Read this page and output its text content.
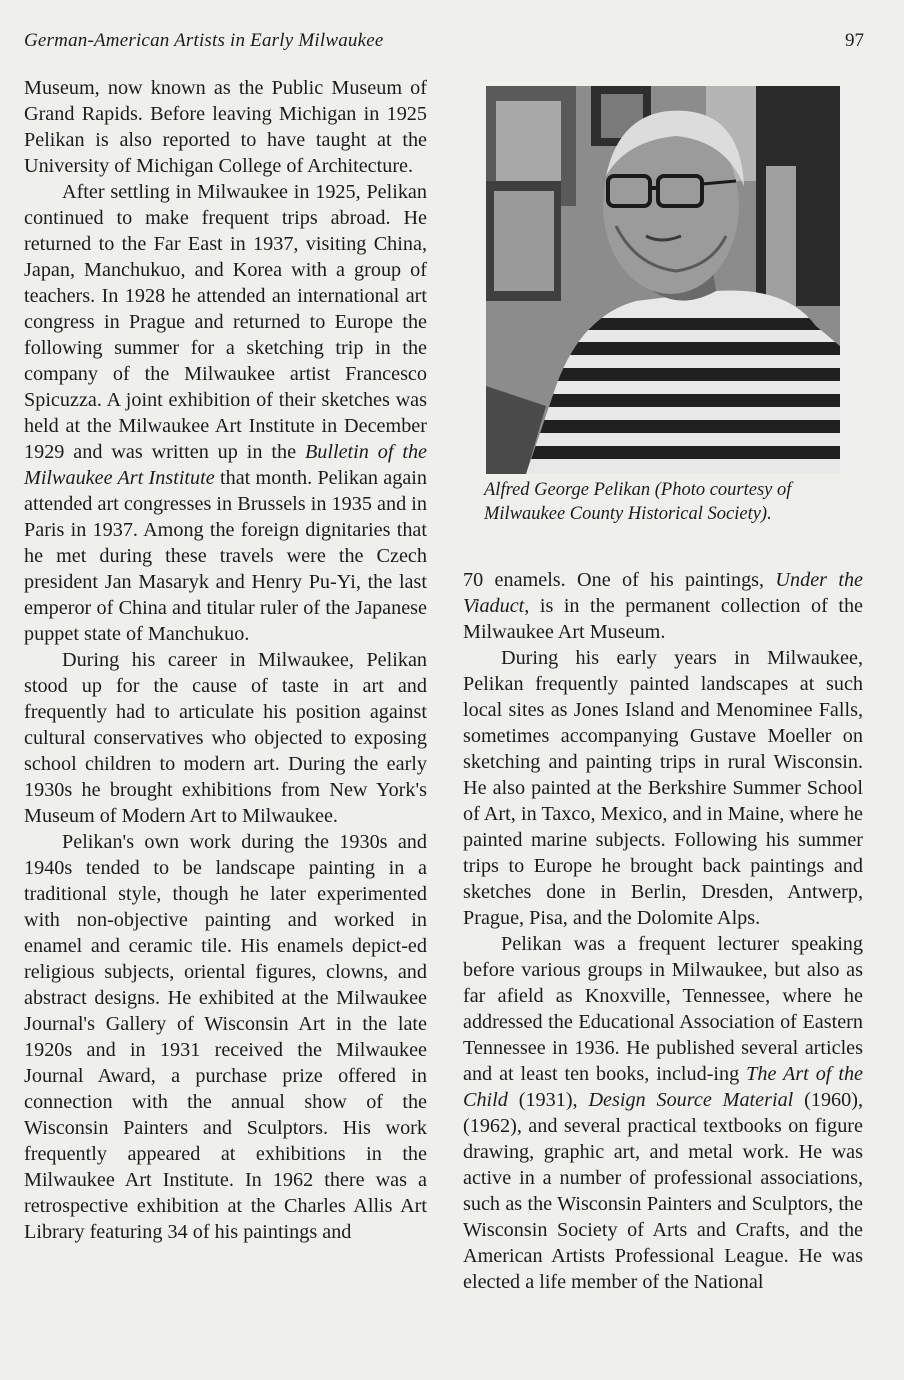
German-American Artists in Early Milwaukee	97

Museum, now known as the Public Museum of Grand Rapids. Before leaving Michigan in 1925 Pelikan is also reported to have taught at the University of Michigan College of Architecture.

After settling in Milwaukee in 1925, Pelikan continued to make frequent trips abroad. He returned to the Far East in 1937, visiting China, Japan, Manchukuo, and Korea with a group of teachers. In 1928 he attended an international art congress in Prague and returned to Europe the following summer for a sketching trip in the company of the Milwaukee artist Francesco Spicuzza. A joint exhibition of their sketches was held at the Milwaukee Art Institute in December 1929 and was written up in the Bulletin of the Milwaukee Art Institute that month. Pelikan again attended art congresses in Brussels in 1935 and in Paris in 1937. Among the foreign dignitaries that he met during these travels were the Czech president Jan Masaryk and Henry Pu-Yi, the last emperor of China and titular ruler of the Japanese puppet state of Manchukuo.

During his career in Milwaukee, Pelikan stood up for the cause of taste in art and frequently had to articulate his position against cultural conservatives who objected to exposing school children to modern art. During the early 1930s he brought exhibitions from New York's Museum of Modern Art to Milwaukee.

Pelikan's own work during the 1930s and 1940s tended to be landscape painting in a traditional style, though he later experimented with non-objective painting and worked in enamel and ceramic tile. His enamels depict-ed religious subjects, oriental figures, clowns, and abstract designs. He exhibited at the Milwaukee Journal's Gallery of Wisconsin Art in the late 1920s and in 1931 received the Milwaukee Journal Award, a purchase prize offered in connection with the annual show of the Wisconsin Painters and Sculptors. His work frequently appeared at exhibitions in the Milwaukee Art Institute. In 1962 there was a retrospective exhibition at the Charles Allis Art Library featuring 34 of his paintings and

Alfred George Pelikan (Photo courtesy of
Milwaukee County Historical Society).

70 enamels. One of his paintings, Under the Viaduct, is in the permanent collection of the Milwaukee Art Museum.

During his early years in Milwaukee, Pelikan frequently painted landscapes at such local sites as Jones Island and Menominee Falls, sometimes accompanying Gustave Moeller on sketching and painting trips in rural Wisconsin. He also painted at the Berkshire Summer School of Art, in Taxco, Mexico, and in Maine, where he painted marine subjects. Following his summer trips to Europe he brought back paintings and sketches done in Berlin, Dresden, Antwerp, Prague, Pisa, and the Dolomite Alps.

Pelikan was a frequent lecturer speaking before various groups in Milwaukee, but also as far afield as Knoxville, Tennessee, where he addressed the Educational Association of Eastern Tennessee in 1936. He published several articles and at least ten books, includ-ing The Art of the Child (1931), Design Source Material (1960), (1962), and several practical textbooks on figure drawing, graphic art, and metal work. He was active in a number of professional associations, such as the Wisconsin Painters and Sculptors, the Wisconsin Society of Arts and Crafts, and the American Artists Professional League. He was elected a life member of the National
